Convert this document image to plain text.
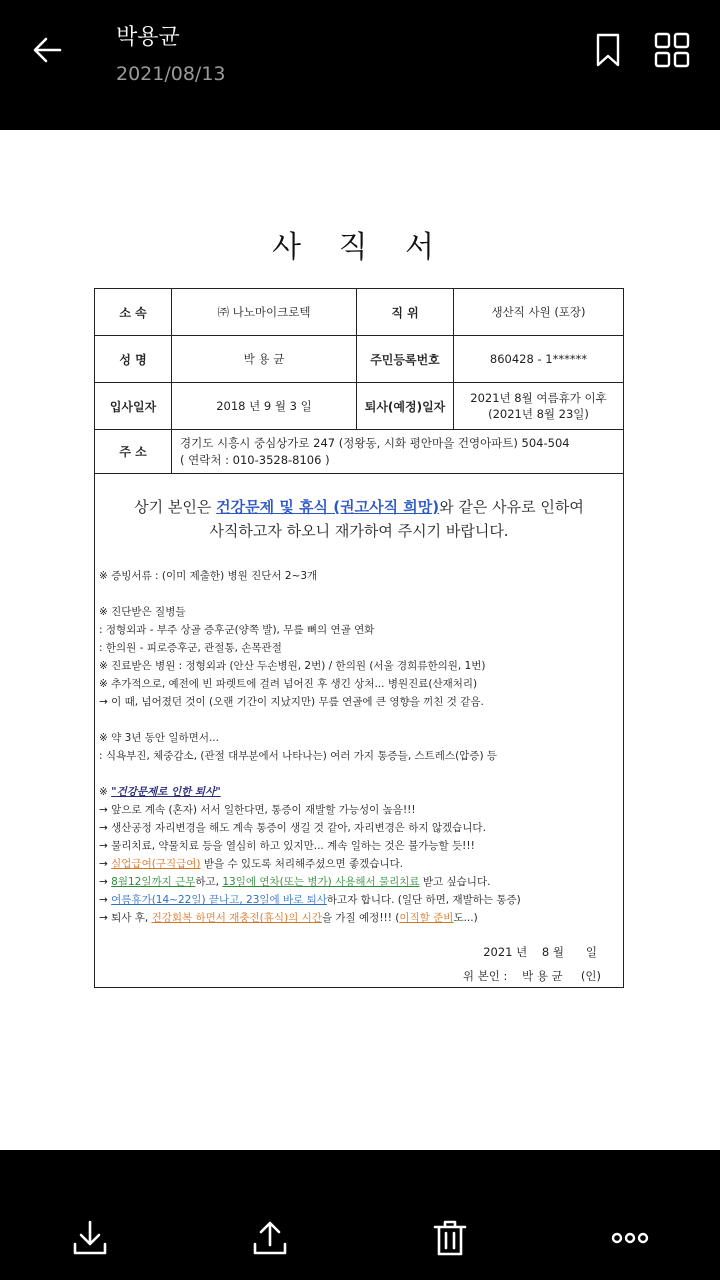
박용균
2021/08/13
사 직 서
소 속	㈜ 나노마이크로텍	직 위	생산직 사원 (포장)
성 명	박 용 균	주민등록번호	860428 - 1******
입사일자	2018 년 9 월 3 일	퇴사(예정)일자	2021년 8월 여름휴가 이후
(2021년 8월 23일)

주 소	경기도 시흥시 중심상가로 247 (정왕동, 시화 평안마을 건영아파트) 504-504
( 연락처 : 010-3528-8106 )		
상기 본인은 건강문제 및 휴식 (권고사직 희망)와 같은 사유로 인하여
사직하고자 하오니 재가하여 주시기 바랍니다.
※ 증빙서류 : (이미 제출한) 병원 진단서 2~3개
※ 진단받은 질병들
: 정형외과 - 부주 상골 증후군(양쪽 발), 무릎 뼈의 연골 연화
: 한의원 - 피로증후군, 관절통, 손목관절
※ 진료받은 병원 : 정형외과 (안산 두손병원, 2번) / 한의원 (서울 경희류한의원, 1번)
※ 추가적으로, 예전에 빈 파렛트에 걸려 넘어진 후 생긴 상처... 병원진료(산재처리)
→ 이 때, 넘어졌던 것이 (오랜 기간이 지났지만) 무릎 연골에 큰 영향을 끼친 것 같음.
※ 약 3년 동안 일하면서...
: 식욕부진, 체중감소, (관절 대부분에서 나타나는) 여러 가지 통증들, 스트레스(압증) 등
※ "건강문제로 인한 퇴사"
→ 앞으로 계속 (혼자) 서서 일한다면, 통증이 재발할 가능성이 높음!!!
→ 생산공정 자리변경을 해도 계속 통증이 생길 것 같아, 자리변경은 하지 않겠습니다.
→ 물리치료, 약물치료 등을 열심히 하고 있지만... 계속 일하는 것은 불가능할 듯!!!
→ 실업급여(구직급여) 받을 수 있도록 처리해주셨으면 좋겠습니다.
→ 8월12일까지 근무하고, 13일에 연차(또는 병가) 사용해서 물리치료 받고 싶습니다.
→ 여름휴가(14~22일) 끝나고, 23일에 바로 퇴사하고자 합니다. (일단 하면, 재발하는 통증)
→ 퇴사 후, 건강회복 하면서 재충전(휴식)의 시간을 가질 예정!!! (이직할 준비도...)
2021 년    8 월      일
위 본인 :    박 용 균     (인)
